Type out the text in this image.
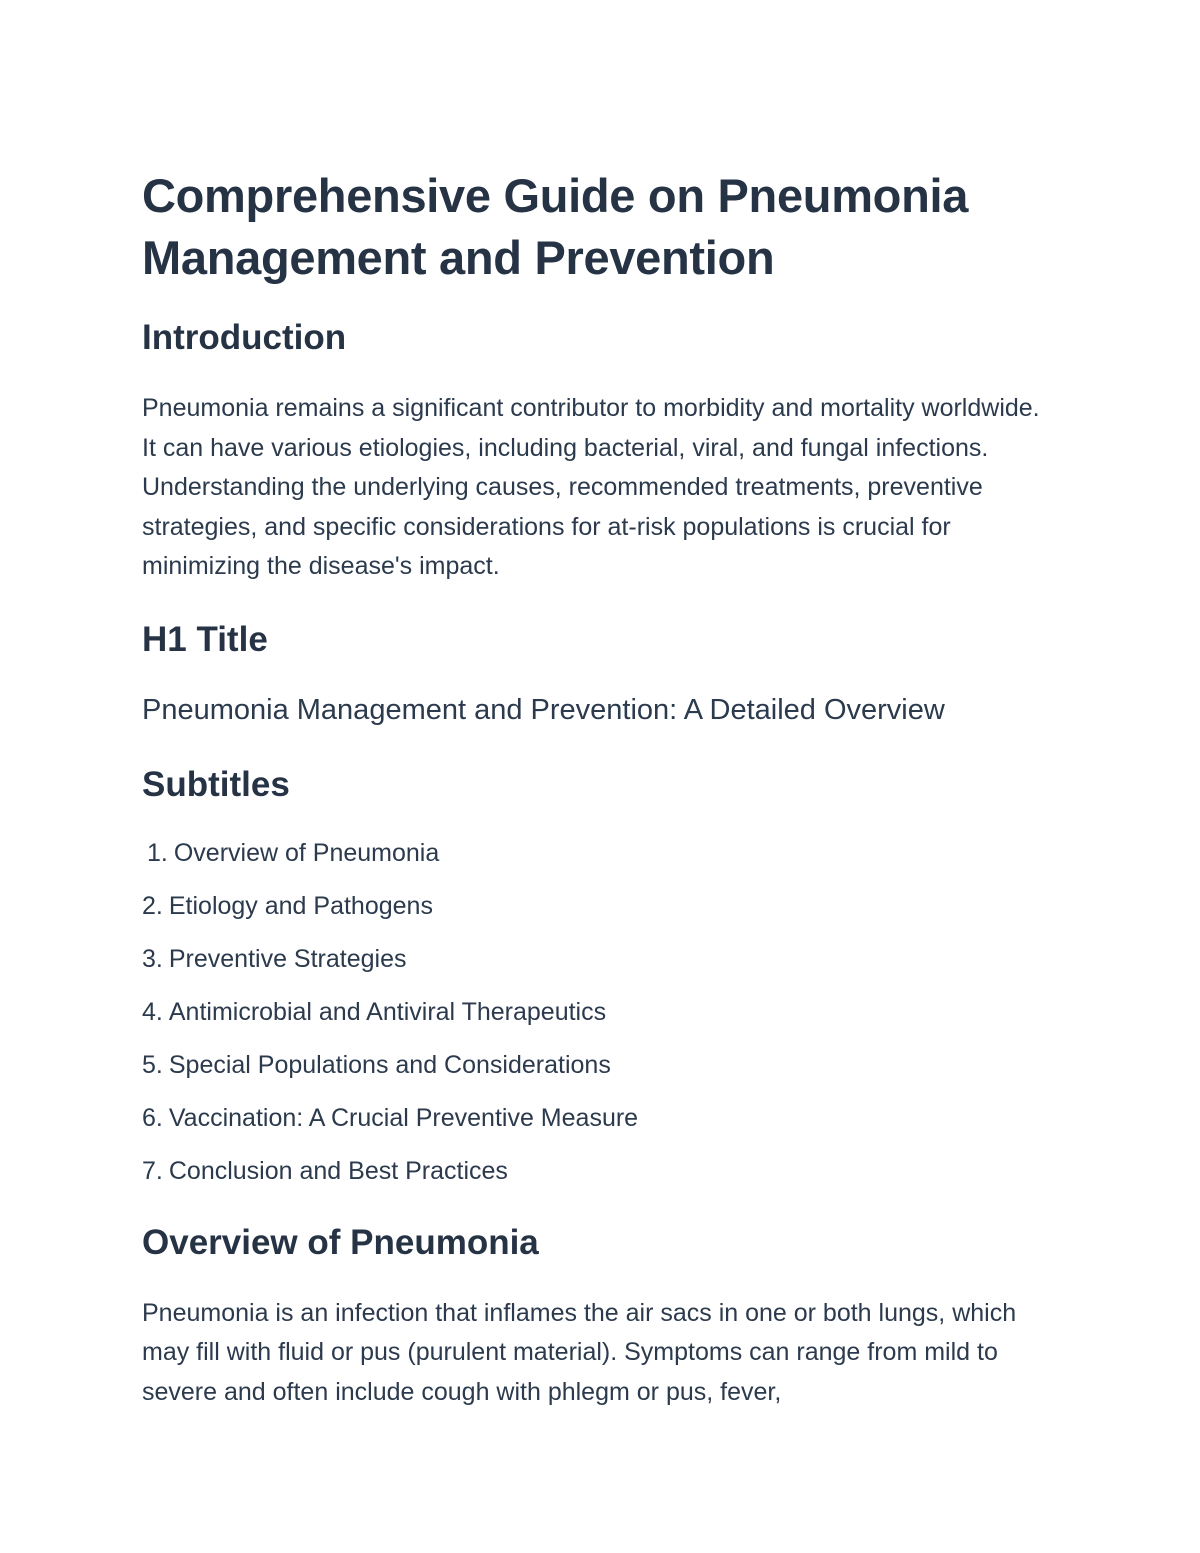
Comprehensive Guide on Pneumonia Management and Prevention
Introduction

Pneumonia remains a significant contributor to morbidity and mortality worldwide. It can have various etiologies, including bacterial, viral, and fungal infections. Understanding the underlying causes, recommended treatments, preventive strategies, and specific considerations for at-risk populations is crucial for minimizing the disease's impact.

H1 Title

Pneumonia Management and Prevention: A Detailed Overview

Subtitles
1. Overview of Pneumonia
2. Etiology and Pathogens
3. Preventive Strategies
4. Antimicrobial and Antiviral Therapeutics
5. Special Populations and Considerations
6. Vaccination: A Crucial Preventive Measure
7. Conclusion and Best Practices
Overview of Pneumonia

Pneumonia is an infection that inflames the air sacs in one or both lungs, which may fill with fluid or pus (purulent material). Symptoms can range from mild to severe and often include cough with phlegm or pus, fever,
